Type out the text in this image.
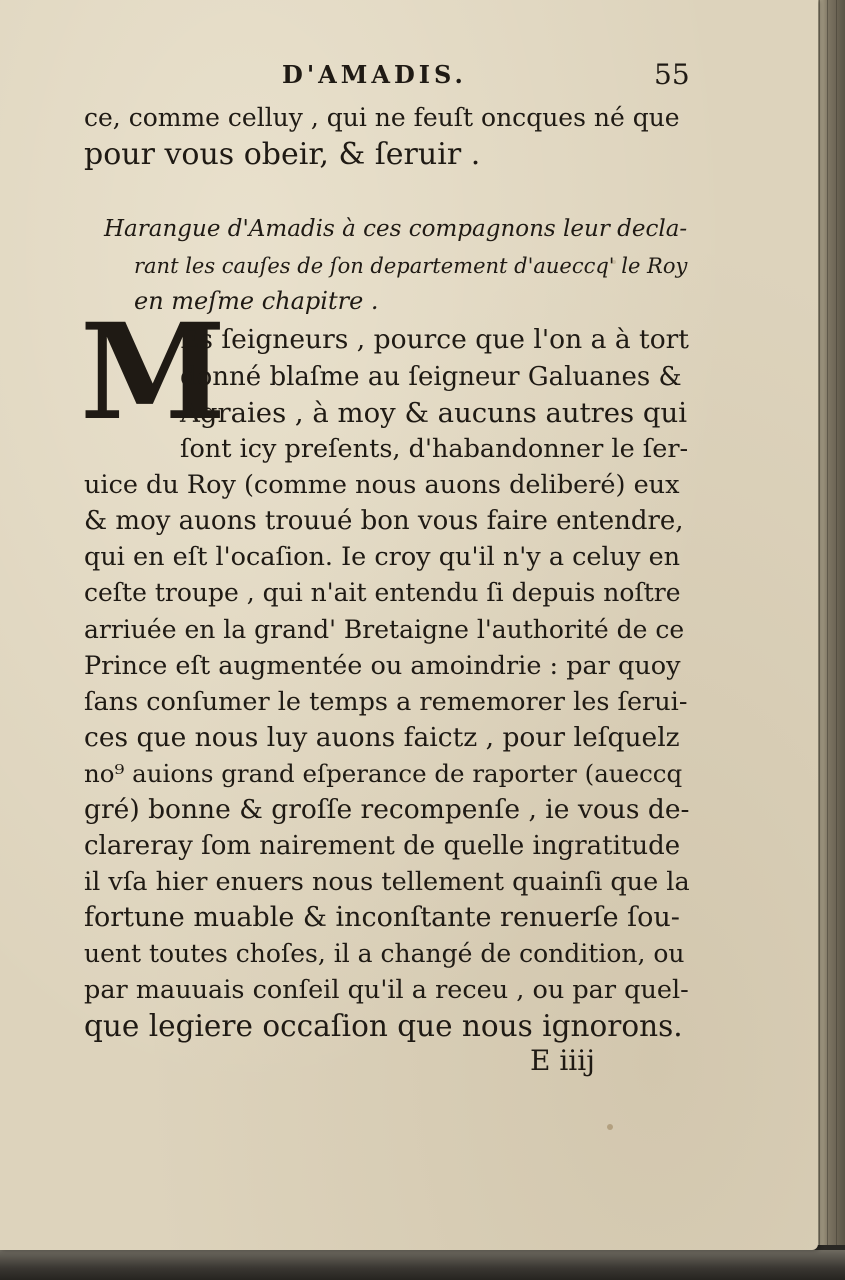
D'AMADIS.	55
ce, comme celluy , qui ne feuſt oncques né que
pour vous obeir, & ſeruir .
Harangue d'Amadis à ces compagnons leur decla-
rant les cauſes de ſon departement d'aueccq' le Roy
en meſme chapitre .
M
Es ſeigneurs , pource que l'on a à tort
donné blaſme au ſeigneur Galuanes &
Agraies , à moy & aucuns autres qui
ſont icy preſents, d'habandonner le ſer-
uice du Roy (comme nous auons deliberé) eux
& moy auons trouué bon vous faire entendre,
qui en eſt l'ocaſion. Ie croy qu'il n'y a celuy en
ceſte troupe , qui n'ait entendu ſi depuis noſtre
arriuée en la grand' Bretaigne l'authorité de ce
Prince eſt augmentée ou amoindrie : par quoy
ſans conſumer le temps a rememorer les ſerui-
ces que nous luy auons faictz , pour leſquelz
no⁹ auions grand eſperance de raporter (aueccq
gré) bonne & groſſe recompenſe , ie vous de-
clareray ſom nairement de quelle ingratitude
il vſa hier enuers nous tellement quainſi que la
fortune muable & inconſtante renuerſe ſou-
uent toutes choſes, il a changé de condition, ou
par mauuais conſeil qu'il a receu , ou par quel-
que legiere occaſion que nous ignorons.
E iiij
